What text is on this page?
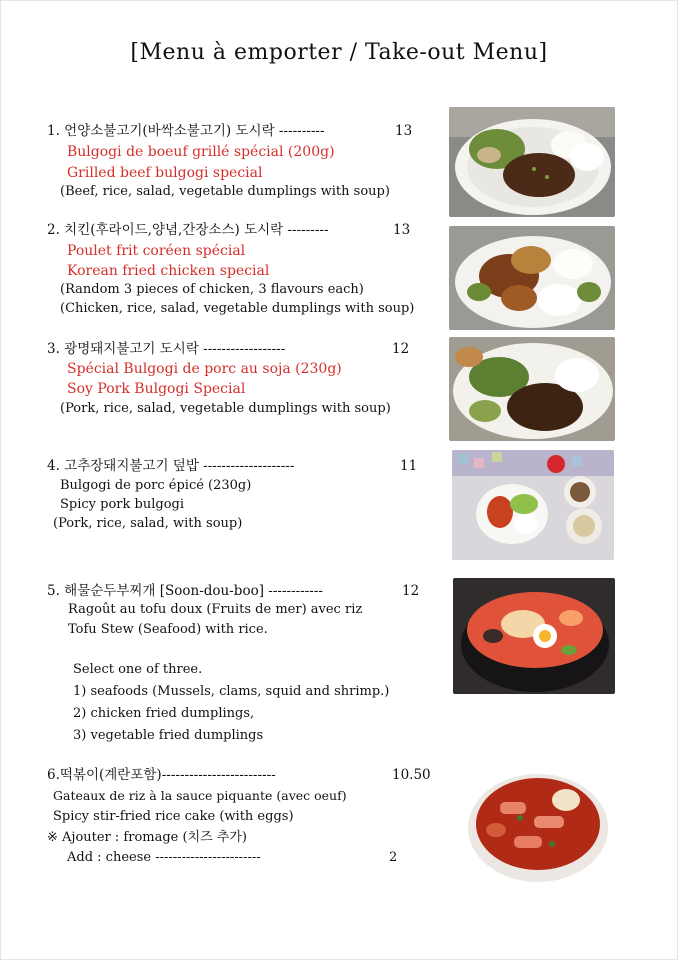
[Menu à emporter / Take-out Menu]
1. 언양소불고기(바싹소불고기) 도시락 ----------	13
Bulgogi de boeuf grillé spécial (200g)
Grilled beef bulgogi special
(Beef, rice, salad, vegetable dumplings with soup)
2. 치킨(후라이드,양념,간장소스) 도시락 ---------	13
Poulet frit coréen spécial
Korean fried chicken special
(Random 3 pieces of chicken, 3 flavours each)
(Chicken, rice, salad, vegetable dumplings with soup)
3. 광명돼지불고기 도시락 ------------------	12
Spécial Bulgogi de porc au soja (230g)
Soy Pork Bulgogi Special
(Pork, rice, salad, vegetable dumplings with soup)
4. 고추장돼지불고기 덮밥 --------------------	11
Bulgogi de porc épicé (230g)
Spicy pork bulgogi
(Pork, rice, salad, with soup)
5. 해물순두부찌개 [Soon-dou-boo] ------------	12
Ragoût au tofu doux (Fruits de mer) avec riz
Tofu Stew (Seafood) with rice.
Select one of three.
1) seafoods (Mussels, clams, squid and shrimp.)
2) chicken fried dumplings,
3) vegetable fried dumplings
6.떡볶이(계란포함)-------------------------	10.50
Gateaux de riz à la sauce piquante (avec oeuf)
Spicy stir-fried rice cake (with eggs)
※ Ajouter : fromage (치즈 추가)
Add : cheese ------------------------	2
